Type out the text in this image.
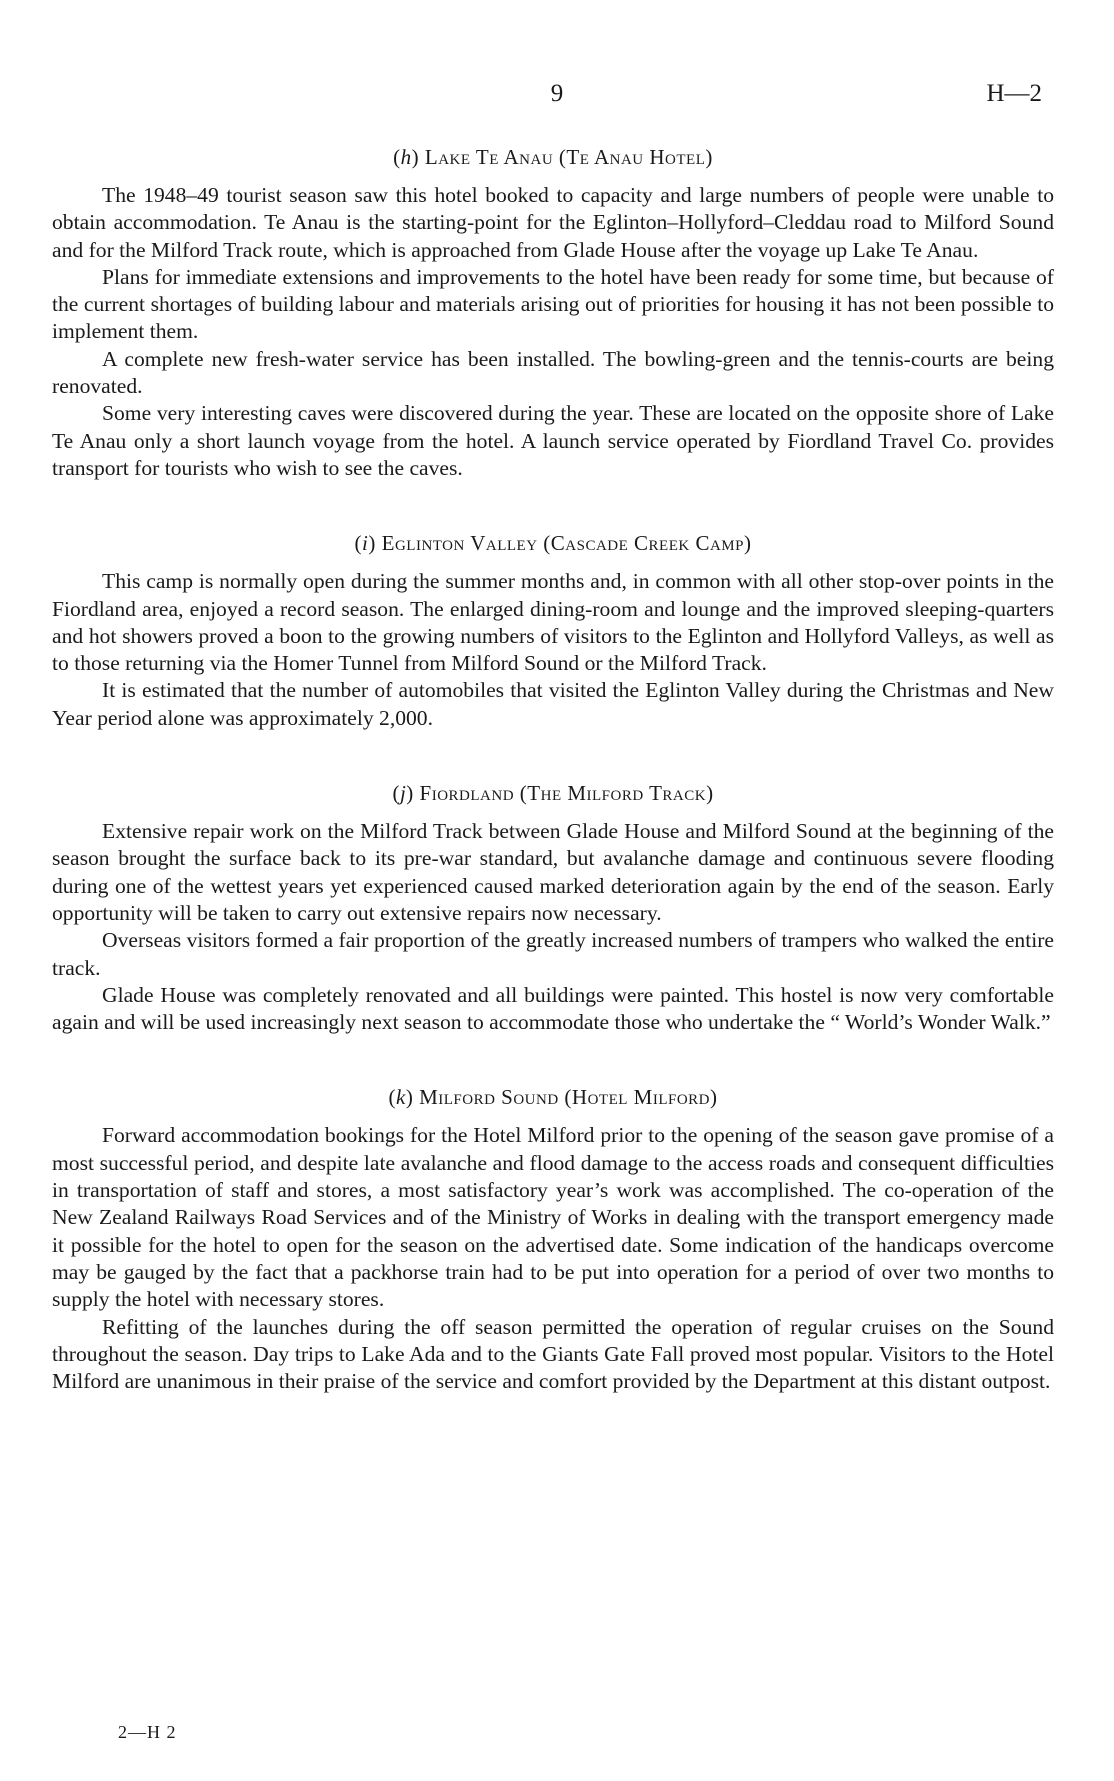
9	H—2
(h) Lake Te Anau (Te Anau Hotel)

The 1948–49 tourist season saw this hotel booked to capacity and large numbers of people were unable to obtain accommodation. Te Anau is the starting-point for the Eglinton–Hollyford–Cleddau road to Milford Sound and for the Milford Track route, which is approached from Glade House after the voyage up Lake Te Anau.

Plans for immediate extensions and improvements to the hotel have been ready for some time, but because of the current shortages of building labour and materials arising out of priorities for housing it has not been possible to implement them.

A complete new fresh-water service has been installed. The bowling-green and the tennis-courts are being renovated.

Some very interesting caves were discovered during the year. These are located on the opposite shore of Lake Te Anau only a short launch voyage from the hotel. A launch service operated by Fiordland Travel Co. provides transport for tourists who wish to see the caves.

(i) Eglinton Valley (Cascade Creek Camp)

This camp is normally open during the summer months and, in common with all other stop-over points in the Fiordland area, enjoyed a record season. The enlarged dining-room and lounge and the improved sleeping-quarters and hot showers proved a boon to the growing numbers of visitors to the Eglinton and Hollyford Valleys, as well as to those returning via the Homer Tunnel from Milford Sound or the Milford Track.

It is estimated that the number of automobiles that visited the Eglinton Valley during the Christmas and New Year period alone was approximately 2,000.

(j) Fiordland (The Milford Track)

Extensive repair work on the Milford Track between Glade House and Milford Sound at the beginning of the season brought the surface back to its pre-war standard, but avalanche damage and continuous severe flooding during one of the wettest years yet experienced caused marked deterioration again by the end of the season. Early opportunity will be taken to carry out extensive repairs now necessary.

Overseas visitors formed a fair proportion of the greatly increased numbers of trampers who walked the entire track.

Glade House was completely renovated and all buildings were painted. This hostel is now very comfortable again and will be used increasingly next season to accommodate those who undertake the “ World’s Wonder Walk.”

(k) Milford Sound (Hotel Milford)

Forward accommodation bookings for the Hotel Milford prior to the opening of the season gave promise of a most successful period, and despite late avalanche and flood damage to the access roads and consequent difficulties in transportation of staff and stores, a most satisfactory year’s work was accomplished. The co-operation of the New Zealand Railways Road Services and of the Ministry of Works in dealing with the transport emergency made it possible for the hotel to open for the season on the advertised date. Some indication of the handicaps overcome may be gauged by the fact that a packhorse train had to be put into operation for a period of over two months to supply the hotel with necessary stores.

Refitting of the launches during the off season permitted the operation of regular cruises on the Sound throughout the season. Day trips to Lake Ada and to the Giants Gate Fall proved most popular. Visitors to the Hotel Milford are unanimous in their praise of the service and comfort provided by the Department at this distant outpost.

2—H 2
